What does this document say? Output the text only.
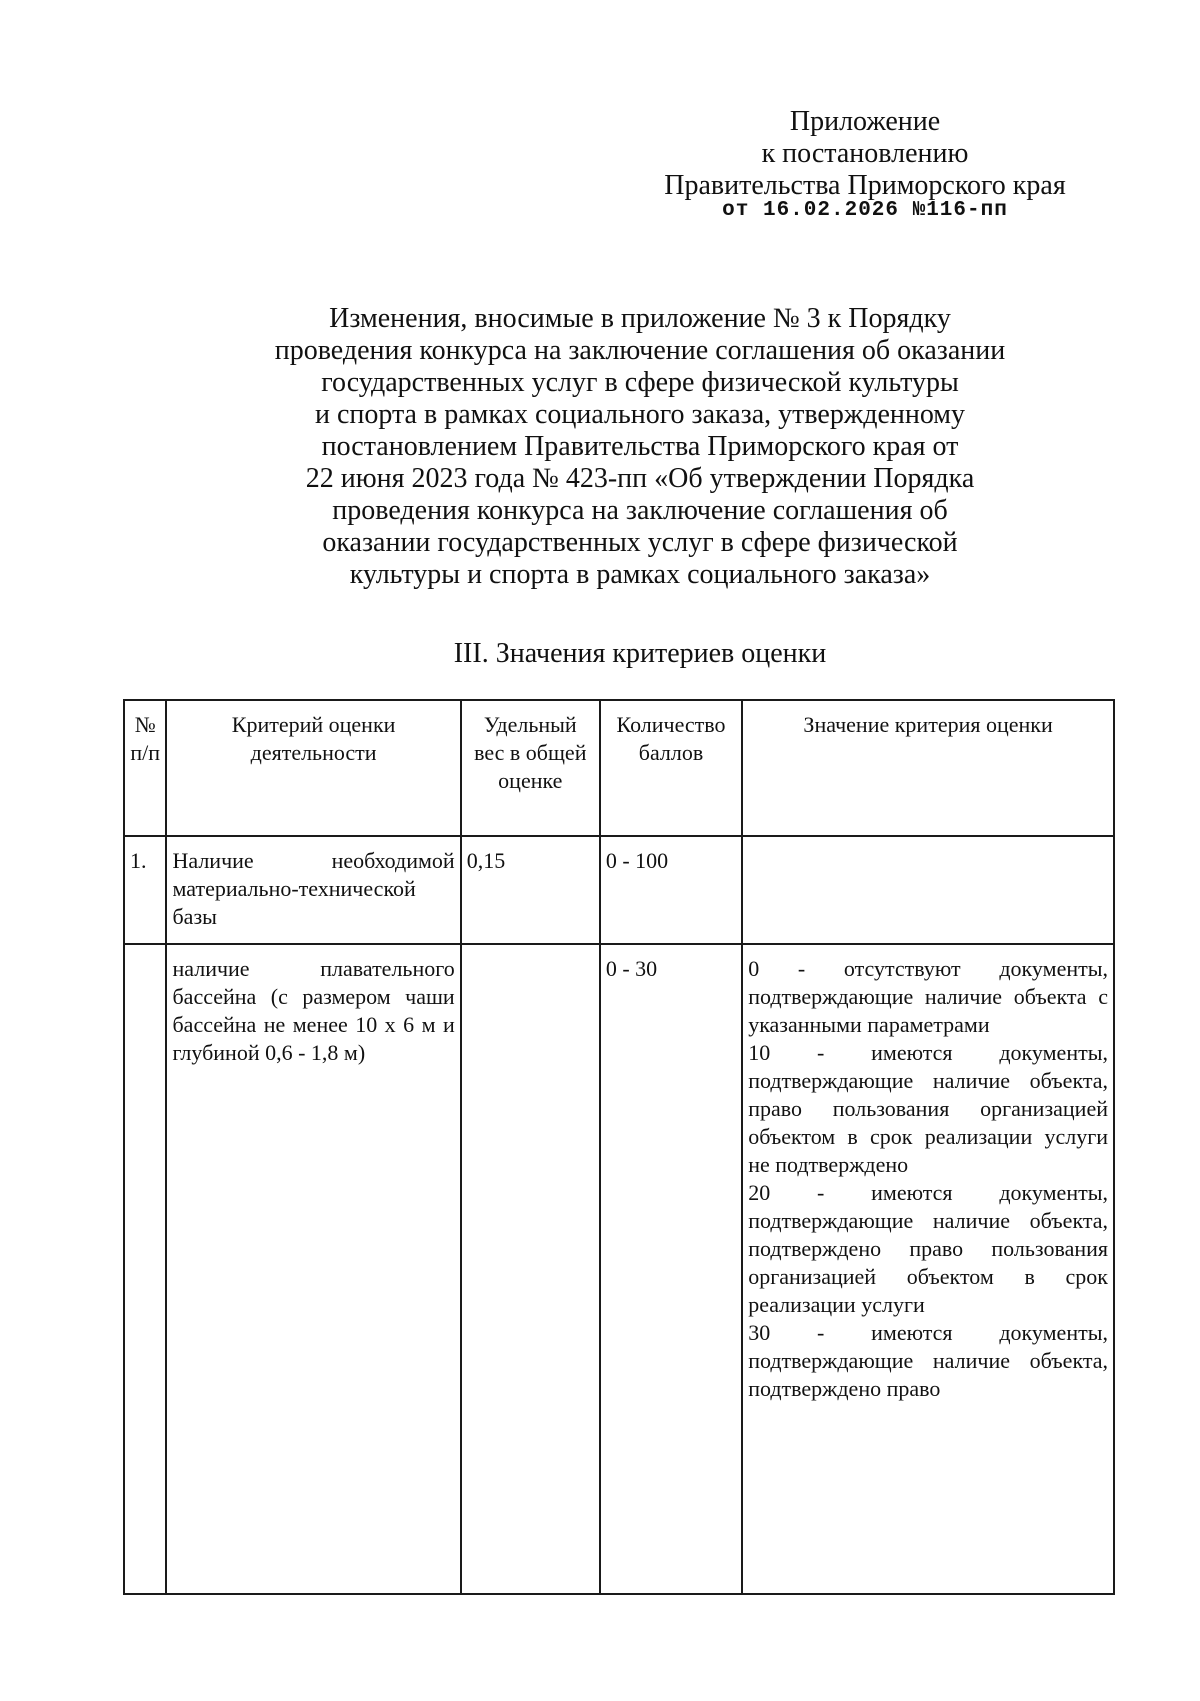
Приложение
к постановлению
Правительства Приморского края
от 16.02.2026 №116-пп
Изменения, вносимые в приложение № 3 к Порядку
проведения конкурса на заключение соглашения об оказании
государственных услуг в сфере физической культуры
и спорта в рамках социального заказа, утвержденному
постановлением Правительства Приморского края от
22 июня 2023 года № 423-пп «Об утверждении Порядка
проведения конкурса на заключение соглашения об
оказании государственных услуг в сфере физической
культуры и спорта в рамках социального заказа»
III. Значения критериев оценки
№ п/п	Критерий оценки деятельности	Удельный вес в общей оценке	Количество баллов	Значение критерия оценки
1.	Наличие необходимой материально-технической базы	0,15	0 - 100	
	наличие плавательного бассейна (с размером чаши бассейна не менее 10 x 6 м и глубиной 0,6 - 1,8 м)		0 - 30	0 - отсутствуют документы, подтверждающие наличие объекта с указанными параметрами

10 - имеются документы, подтверждающие наличие объекта, право пользования организацией объектом в срок реализации услуги не подтверждено

20 - имеются документы, подтверждающие наличие объекта, подтверждено право пользования организацией объектом в срок реализации услуги

30 - имеются документы, подтверждающие наличие объекта, подтверждено право
